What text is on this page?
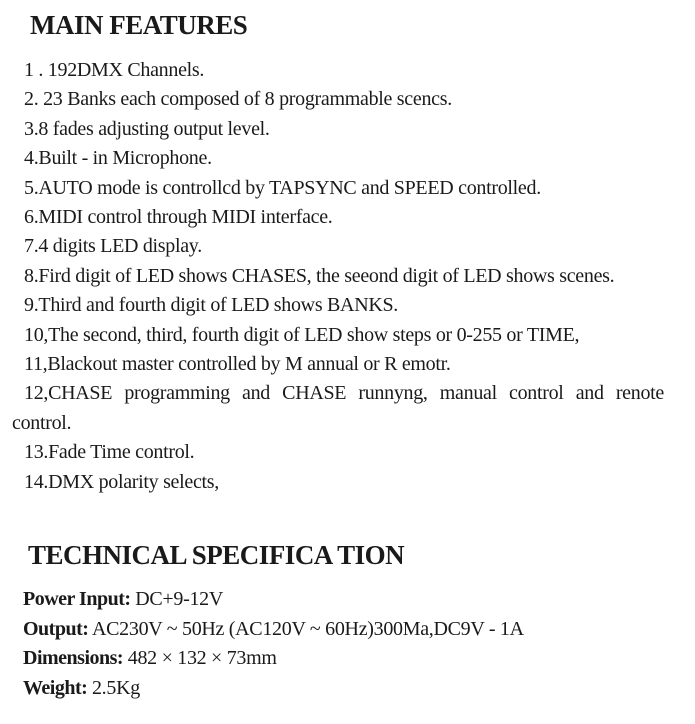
MAIN FEATURES
1 . 192DMX Channels.
2. 23 Banks each composed of 8 programmable scencs.
3.8 fades adjusting output level.
4.Built - in Microphone.
5.AUTO mode is controllcd by TAPSYNC and SPEED controlled.
6.MIDI control through MIDI interface.
7.4 digits LED display.
8.Fird digit of LED shows CHASES, the seeond digit of LED shows scenes.
9.Third and fourth digit of LED shows BANKS.
10,The second, third, fourth digit of LED show steps or 0-255 or TIME,
11,Blackout master controlled by M annual or R emotr.
12,CHASE programming and CHASE runnyng, manual control and renote control.
13.Fade Time control.
14.DMX polarity selects,
TECHNICAL SPECIFICA TION
Power Input: DC+9-12V
Output: AC230V ~ 50Hz (AC120V ~ 60Hz)300Ma,DC9V - 1A
Dimensions: 482 × 132 × 73mm
Weight: 2.5Kg
